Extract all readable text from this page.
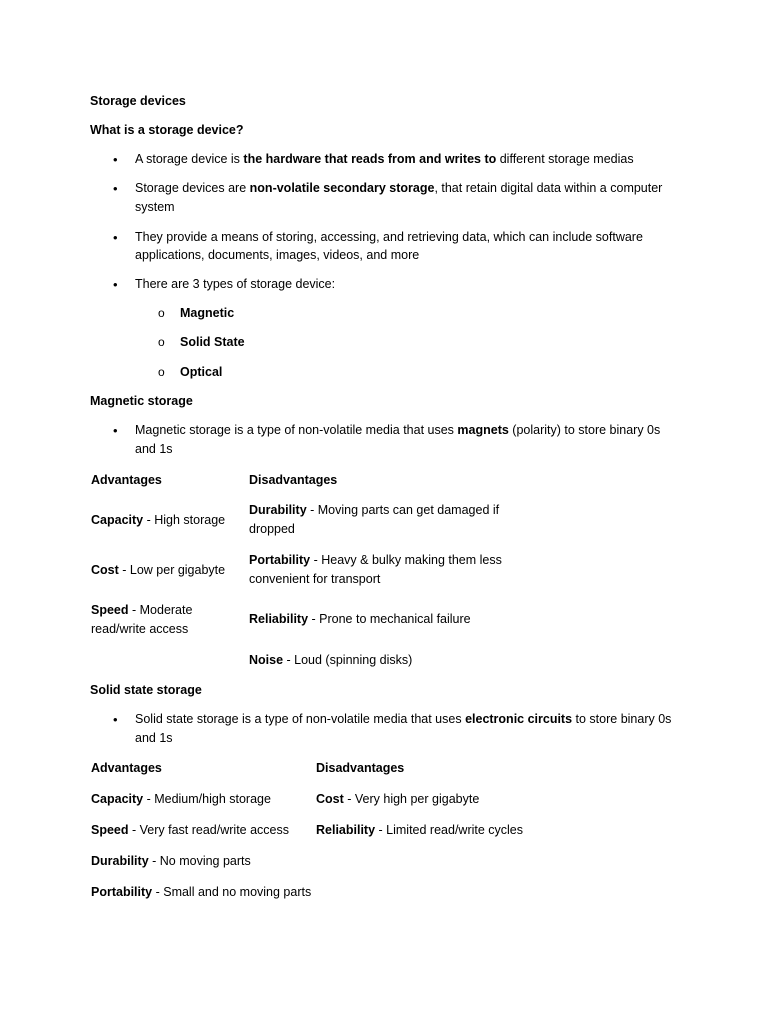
Storage devices
What is a storage device?
• A storage device is the hardware that reads from and writes to different storage medias
• Storage devices are non-volatile secondary storage, that retain digital data within a computer
system
• They provide a means of storing, accessing, and retrieving data, which can include software
applications, documents, images, videos, and more
• There are 3 types of storage device:
o Magnetic
o Solid State
o Optical
Magnetic storage
• Magnetic storage is a type of non-volatile media that uses magnets (polarity) to store binary 0s
and 1s
Advantages	Disadvantages
Capacity - High storage
Cost - Low per gigabyte
Speed - Moderate
read/write access
Durability - Moving parts can get damaged if
dropped
Portability - Heavy & bulky making them less
convenient for transport
Reliability - Prone to mechanical failure
Noise - Loud (spinning disks)
Solid state storage
• Solid state storage is a type of non-volatile media that uses electronic circuits to store binary 0s
and 1s
Advantages	Disadvantages
Capacity - Medium/high storage
Speed - Very fast read/write access
Durability - No moving parts
Portability - Small and no moving parts
Cost - Very high per gigabyte
Reliability - Limited read/write cycles
